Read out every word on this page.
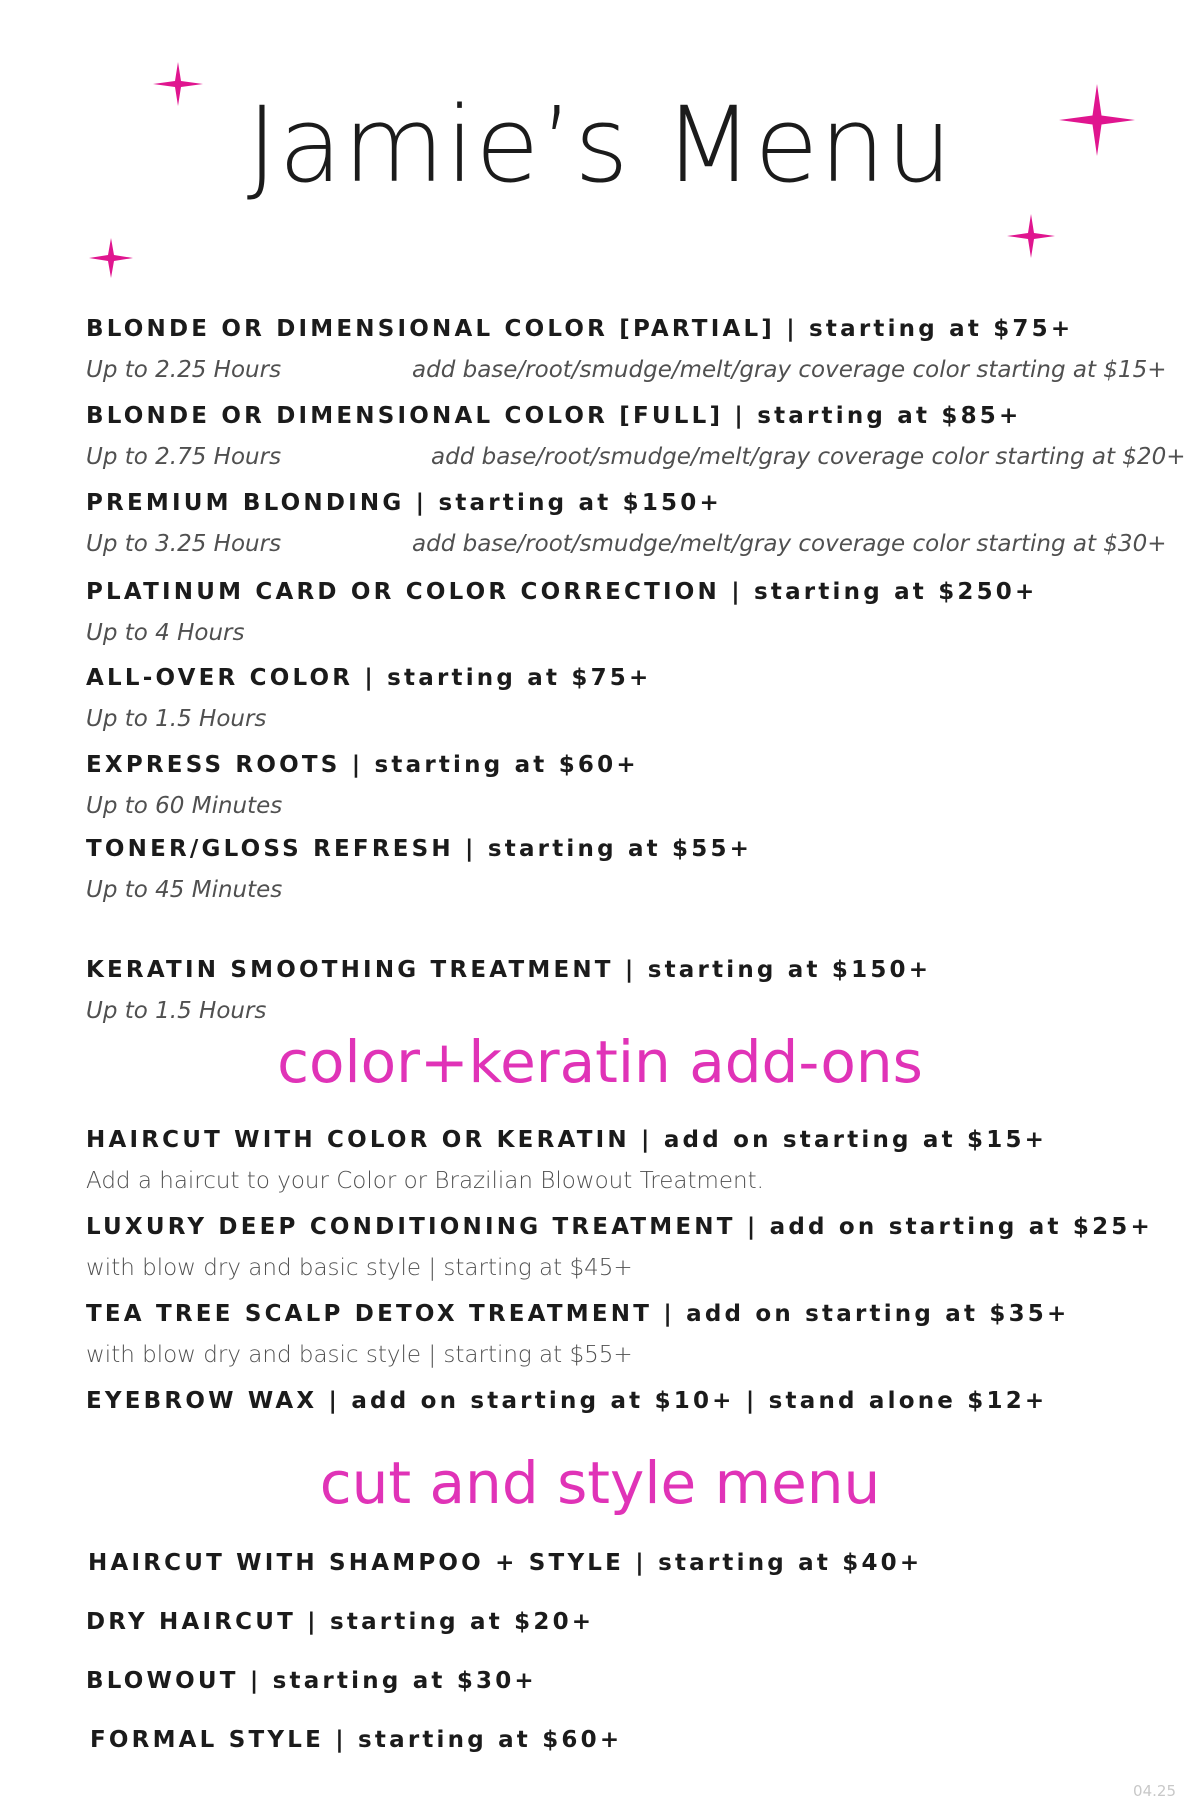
Jamie’s Menu
BLONDE OR DIMENSIONAL COLOR [PARTIAL] | starting at $75+
Up to 2.25 Hours	add base/root/smudge/melt/gray coverage color starting at $15+
BLONDE OR DIMENSIONAL COLOR [FULL] | starting at $85+
Up to 2.75 Hours	add base/root/smudge/melt/gray coverage color starting at $20+
PREMIUM BLONDING | starting at $150+
Up to 3.25 Hours	add base/root/smudge/melt/gray coverage color starting at $30+
PLATINUM CARD OR COLOR CORRECTION | starting at $250+
Up to 4 Hours
ALL-OVER COLOR | starting at $75+
Up to 1.5 Hours
EXPRESS ROOTS | starting at $60+
Up to 60 Minutes
TONER/GLOSS REFRESH | starting at $55+
Up to 45 Minutes
KERATIN SMOOTHING TREATMENT | starting at $150+
Up to 1.5 Hours
color+keratin add-ons
HAIRCUT WITH COLOR OR KERATIN | add on starting at $15+
Add a haircut to your Color or Brazilian Blowout Treatment.
LUXURY DEEP CONDITIONING TREATMENT | add on starting at $25+
with blow dry and basic style | starting at $45+
TEA TREE SCALP DETOX TREATMENT | add on starting at $35+
with blow dry and basic style | starting at $55+
EYEBROW WAX | add on starting at $10+ | stand alone $12+
cut and style menu
HAIRCUT WITH SHAMPOO + STYLE | starting at $40+
DRY HAIRCUT | starting at $20+
BLOWOUT | starting at $30+
FORMAL STYLE | starting at $60+
04.25
